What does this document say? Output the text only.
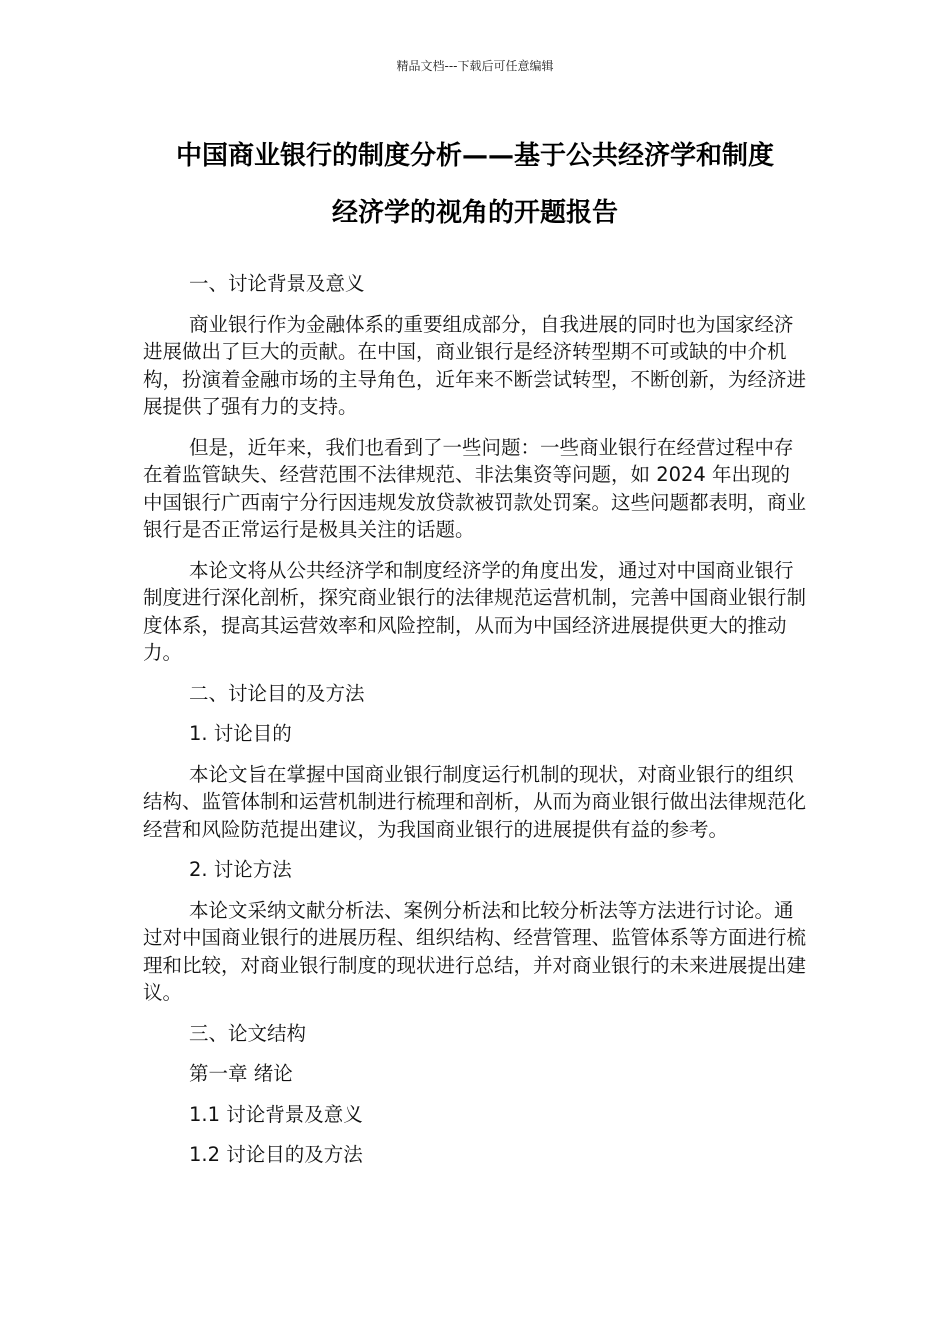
精品文档---下载后可任意编辑
中国商业银行的制度分析——基于公共经济学和制度
经济学的视角的开题报告
一、讨论背景及意义
商业银行作为金融体系的重要组成部分，自我进展的同时也为国家经济进展做出了巨大的贡献。在中国，商业银行是经济转型期不可或缺的中介机构，扮演着金融市场的主导角色，近年来不断尝试转型，不断创新，为经济进展提供了强有力的支持。
但是，近年来，我们也看到了一些问题：一些商业银行在经营过程中存在着监管缺失、经营范围不法律规范、非法集资等问题，如 2024 年出现的中国银行广西南宁分行因违规发放贷款被罚款处罚案。这些问题都表明，商业银行是否正常运行是极具关注的话题。
本论文将从公共经济学和制度经济学的角度出发，通过对中国商业银行制度进行深化剖析，探究商业银行的法律规范运营机制，完善中国商业银行制度体系，提高其运营效率和风险控制，从而为中国经济进展提供更大的推动力。
二、讨论目的及方法
1. 讨论目的
本论文旨在掌握中国商业银行制度运行机制的现状，对商业银行的组织结构、监管体制和运营机制进行梳理和剖析，从而为商业银行做出法律规范化经营和风险防范提出建议，为我国商业银行的进展提供有益的参考。
2. 讨论方法
本论文采纳文献分析法、案例分析法和比较分析法等方法进行讨论。通过对中国商业银行的进展历程、组织结构、经营管理、监管体系等方面进行梳理和比较，对商业银行制度的现状进行总结，并对商业银行的未来进展提出建议。
三、论文结构
第一章 绪论
1.1 讨论背景及意义
1.2 讨论目的及方法
